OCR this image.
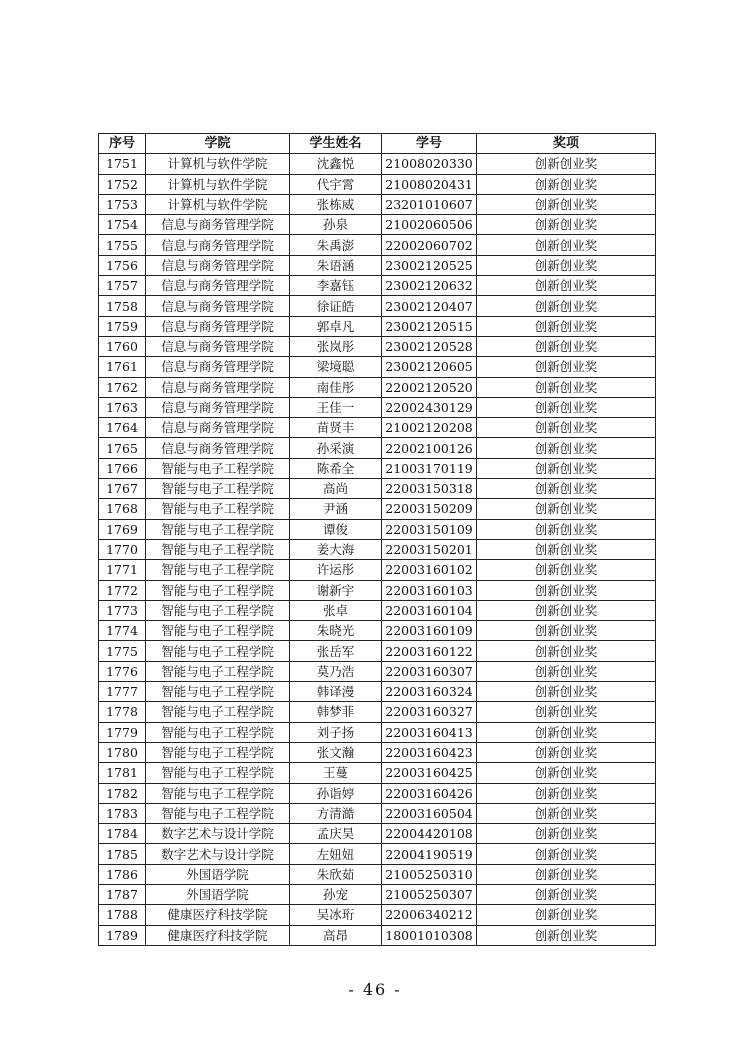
序号	学院	学生姓名	学号	奖项
1751	计算机与软件学院	沈鑫悦	21008020330	创新创业奖
1752	计算机与软件学院	代宇霄	21008020431	创新创业奖
1753	计算机与软件学院	张栋威	23201010607	创新创业奖
1754	信息与商务管理学院	孙泉	21002060506	创新创业奖
1755	信息与商务管理学院	朱禹澎	22002060702	创新创业奖
1756	信息与商务管理学院	朱语涵	23002120525	创新创业奖
1757	信息与商务管理学院	李嘉钰	23002120632	创新创业奖
1758	信息与商务管理学院	徐证皓	23002120407	创新创业奖
1759	信息与商务管理学院	郭卓凡	23002120515	创新创业奖
1760	信息与商务管理学院	张岚彤	23002120528	创新创业奖
1761	信息与商务管理学院	梁境聪	23002120605	创新创业奖
1762	信息与商务管理学院	南佳彤	22002120520	创新创业奖
1763	信息与商务管理学院	王佳一	22002430129	创新创业奖
1764	信息与商务管理学院	苗贤丰	21002120208	创新创业奖
1765	信息与商务管理学院	孙采演	22002100126	创新创业奖
1766	智能与电子工程学院	陈希全	21003170119	创新创业奖
1767	智能与电子工程学院	高尚	22003150318	创新创业奖
1768	智能与电子工程学院	尹涵	22003150209	创新创业奖
1769	智能与电子工程学院	谭俊	22003150109	创新创业奖
1770	智能与电子工程学院	姜大海	22003150201	创新创业奖
1771	智能与电子工程学院	许运彤	22003160102	创新创业奖
1772	智能与电子工程学院	谢新宇	22003160103	创新创业奖
1773	智能与电子工程学院	张卓	22003160104	创新创业奖
1774	智能与电子工程学院	朱晓光	22003160109	创新创业奖
1775	智能与电子工程学院	张岳军	22003160122	创新创业奖
1776	智能与电子工程学院	莫乃浩	22003160307	创新创业奖
1777	智能与电子工程学院	韩译漫	22003160324	创新创业奖
1778	智能与电子工程学院	韩梦菲	22003160327	创新创业奖
1779	智能与电子工程学院	刘子扬	22003160413	创新创业奖
1780	智能与电子工程学院	张文瀚	22003160423	创新创业奖
1781	智能与电子工程学院	王蔓	22003160425	创新创业奖
1782	智能与电子工程学院	孙诣婷	22003160426	创新创业奖
1783	智能与电子工程学院	方清澔	22003160504	创新创业奖
1784	数字艺术与设计学院	孟庆昊	22004420108	创新创业奖
1785	数字艺术与设计学院	左妞妞	22004190519	创新创业奖
1786	外国语学院	朱欣茹	21005250310	创新创业奖
1787	外国语学院	孙宠	21005250307	创新创业奖
1788	健康医疗科技学院	吴冰珩	22006340212	创新创业奖
1789	健康医疗科技学院	高昂	18001010308	创新创业奖
- 46 -
